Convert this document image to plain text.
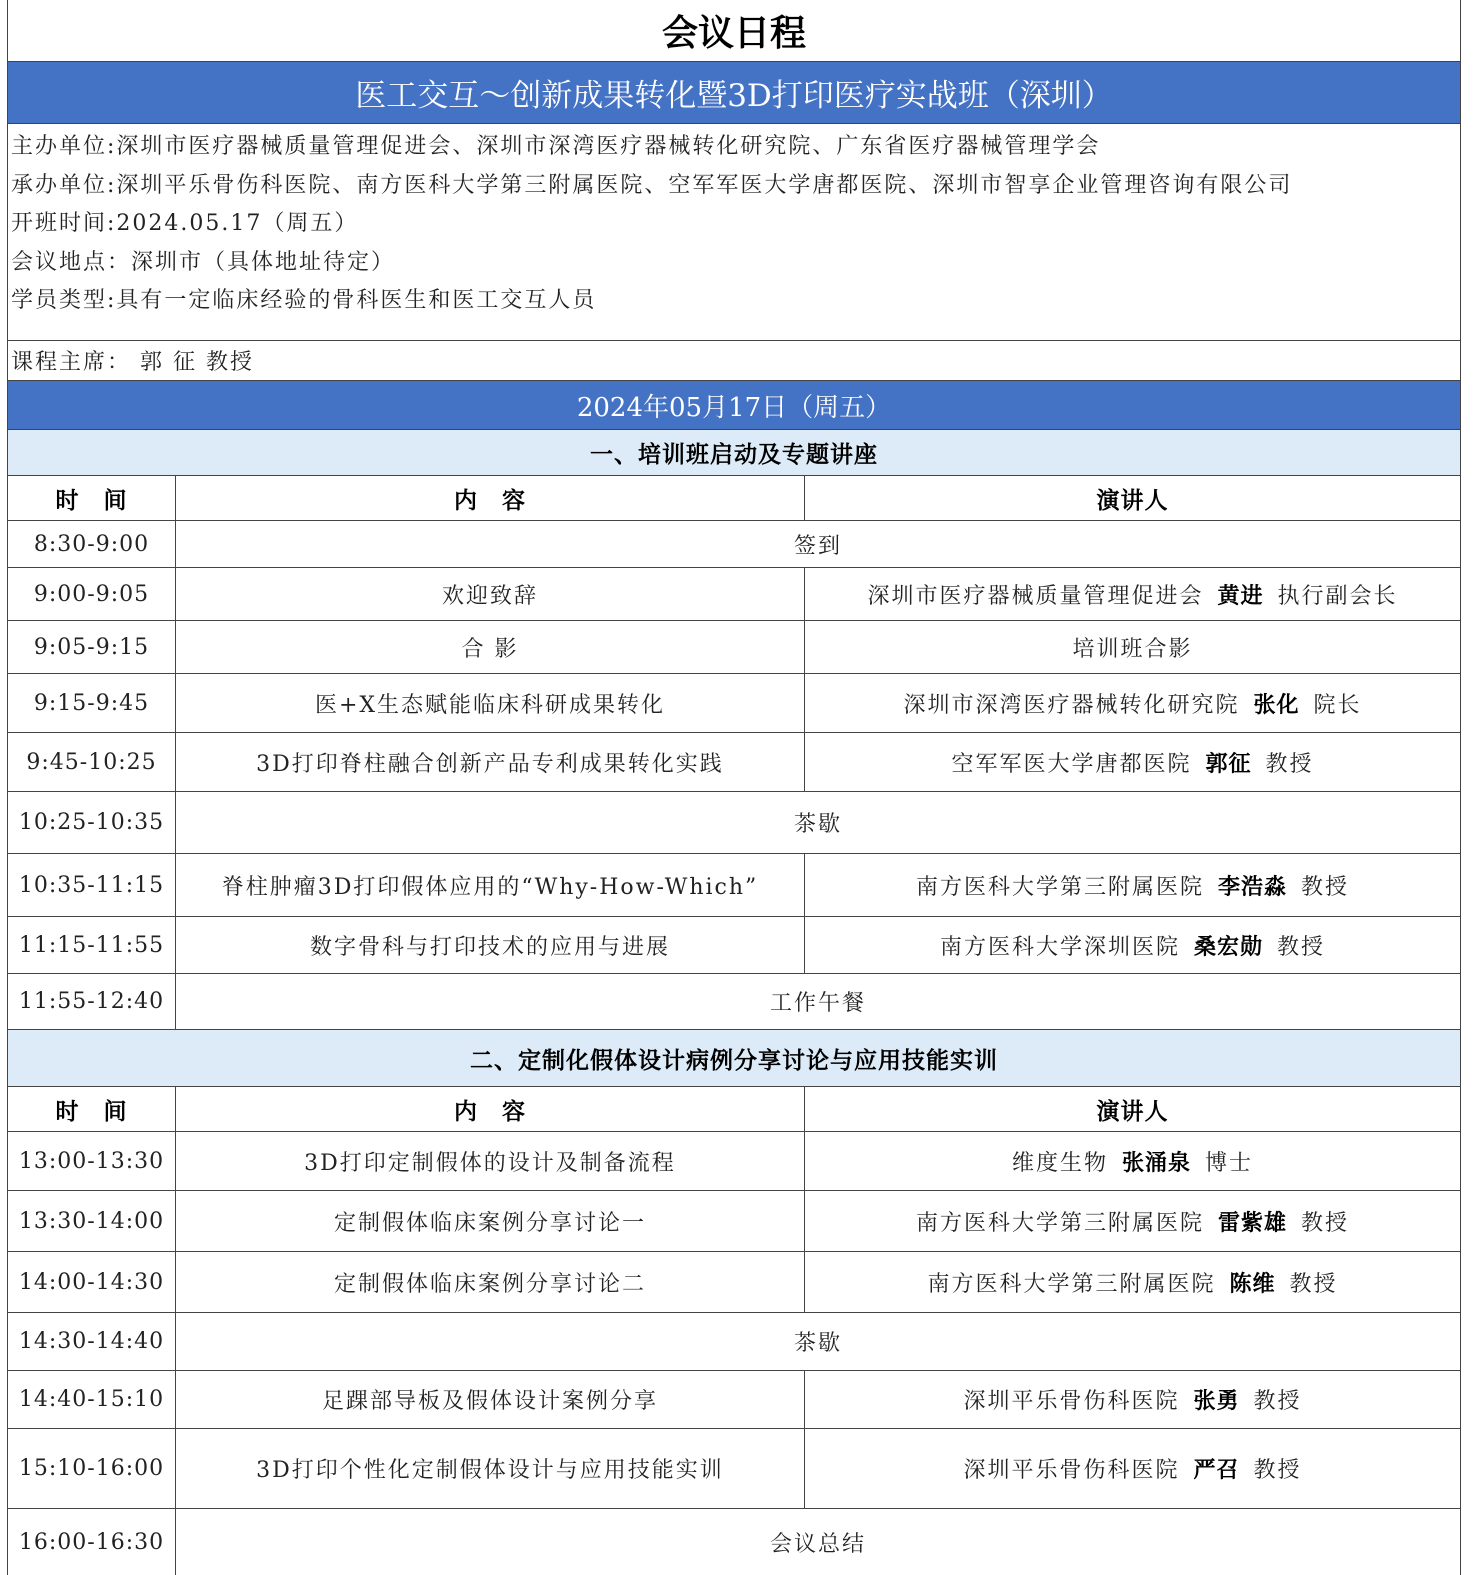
会议日程
医工交互～创新成果转化暨3D打印医疗实战班（深圳）
主办单位:深圳市医疗器械质量管理促进会、深圳市深湾医疗器械转化研究院、广东省医疗器械管理学会
承办单位:深圳平乐骨伤科医院、南方医科大学第三附属医院、空军军医大学唐都医院、深圳市智享企业管理咨询有限公司
开班时间:2024.05.17（周五）
会议地点：深圳市（具体地址待定）
学员类型:具有一定临床经验的骨科医生和医工交互人员
课程主席： 郭 征 教授
2024年05月17日（周五）
一、培训班启动及专题讲座
时　间	内　容	演讲人
8:30-9:00	签到
9:00-9:05	欢迎致辞	深圳市医疗器械质量管理促进会 黄进 执行副会长
9:05-9:15	合 影	培训班合影
9:15-9:45	医+X生态赋能临床科研成果转化	深圳市深湾医疗器械转化研究院 张化 院长
9:45-10:25	3D打印脊柱融合创新产品专利成果转化实践	空军军医大学唐都医院 郭征 教授
10:25-10:35	茶歇
10:35-11:15	脊柱肿瘤3D打印假体应用的“Why-How-Which”	南方医科大学第三附属医院 李浩淼 教授
11:15-11:55	数字骨科与打印技术的应用与进展	南方医科大学深圳医院 桑宏勋 教授
11:55-12:40	工作午餐
二、定制化假体设计病例分享讨论与应用技能实训
时　间	内　容	演讲人
13:00-13:30	3D打印定制假体的设计及制备流程	维度生物 张涌泉 博士
13:30-14:00	定制假体临床案例分享讨论一	南方医科大学第三附属医院 雷紫雄 教授
14:00-14:30	定制假体临床案例分享讨论二	南方医科大学第三附属医院 陈维 教授
14:30-14:40	茶歇
14:40-15:10	足踝部导板及假体设计案例分享	深圳平乐骨伤科医院 张勇 教授
15:10-16:00	3D打印个性化定制假体设计与应用技能实训	深圳平乐骨伤科医院 严召 教授
16:00-16:30	会议总结
